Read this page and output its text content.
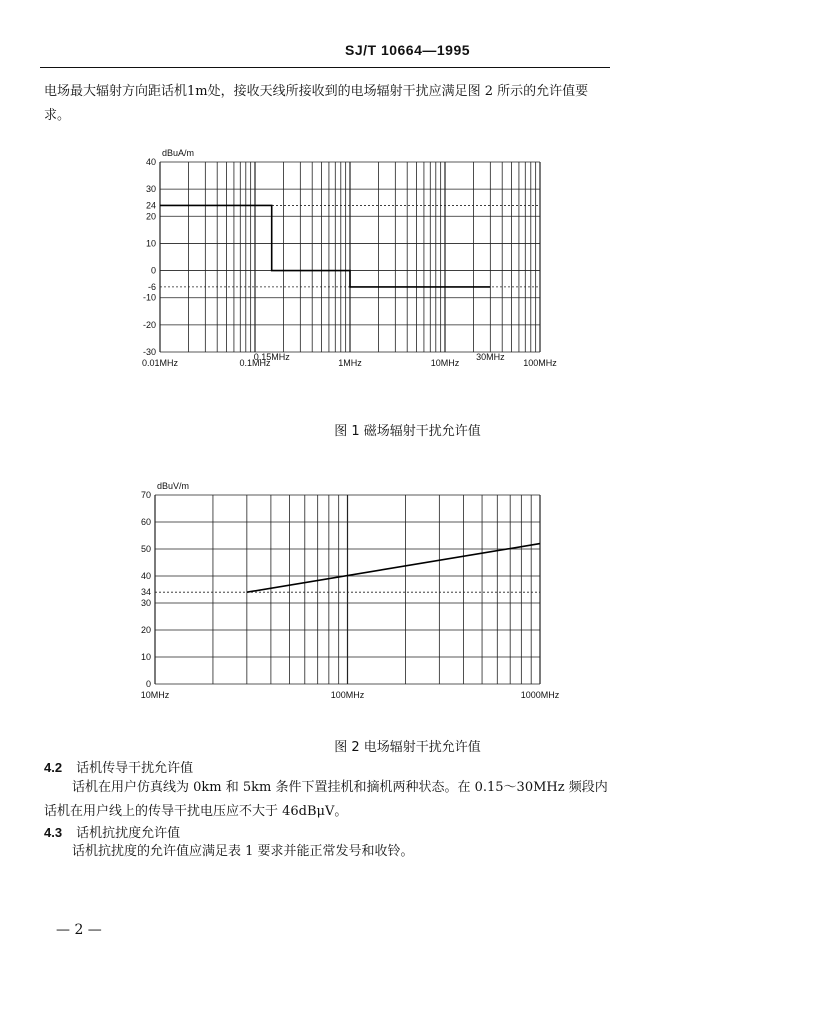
SJ/T 10664—1995
电场最大辐射方向距话机1m处，接收天线所接收到的电场辐射干扰应满足图 2 所示的允许值要求。
40
30
24
20
10
0
-6
-10
-20
-30
dBuA/m
0.01MHz	0.1MHz
0.15MHz
1MHz	10MHz
30MHz
100MHz
图 1 磁场辐射干扰允许值
70
60
50
40
34
30
20
10
0
dBuV/m
10MHz	100MHz	1000MHz
图 2 电场辐射干扰允许值
4.2 话机传导干扰允许值
话机在用户仿真线为 0km 和 5km 条件下置挂机和摘机两种状态。在 0.15～30MHz 频段内话机在用户线上的传导干扰电压应不大于 46dBμV。
4.3 话机抗扰度允许值
话机抗扰度的允许值应满足表 1 要求并能正常发号和收铃。
— 2 —
